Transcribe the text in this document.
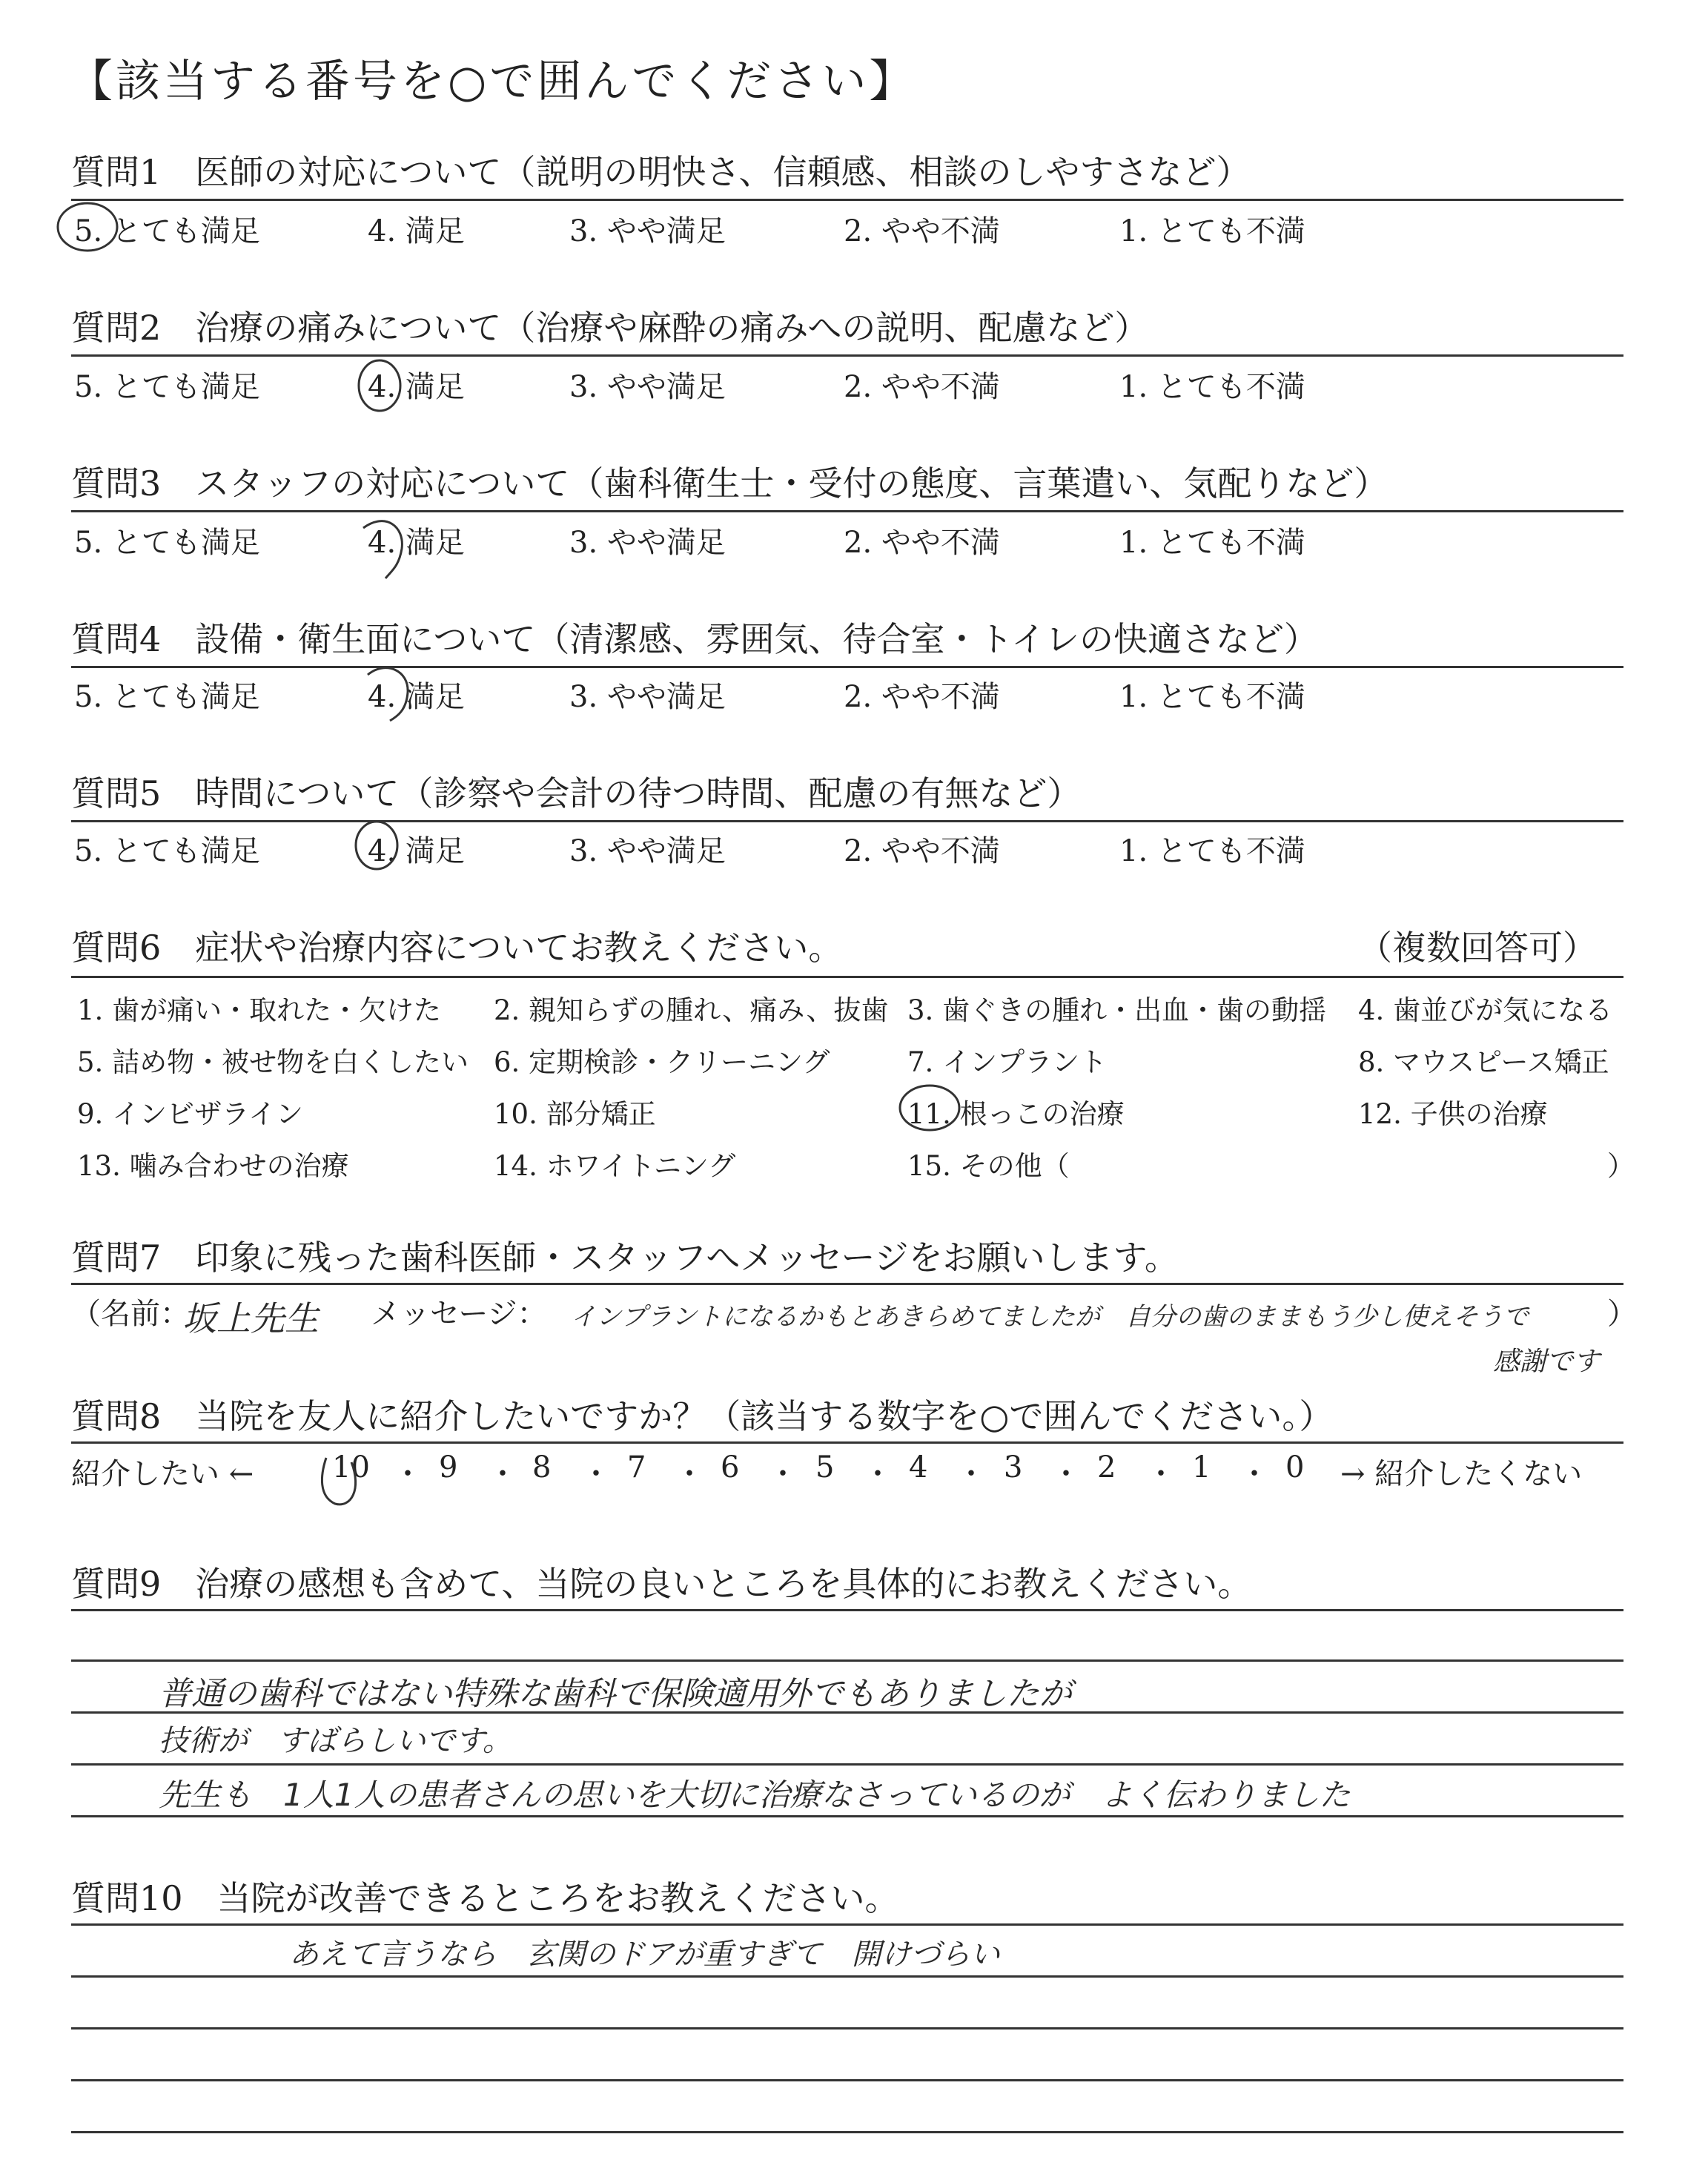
【該当する番号を○で囲んでください】
質問1　医師の対応について（説明の明快さ、信頼感、相談のしやすさなど）
5. とても満足	4. 満足	3. やや満足	2. やや不満	1. とても不満
質問2　治療の痛みについて（治療や麻酔の痛みへの説明、配慮など）
5. とても満足	4. 満足	3. やや満足	2. やや不満	1. とても不満
質問3　スタッフの対応について（歯科衛生士・受付の態度、言葉遣い、気配りなど）
5. とても満足	4. 満足	3. やや満足	2. やや不満	1. とても不満
質問4　設備・衛生面について（清潔感、雰囲気、待合室・トイレの快適さなど）
5. とても満足	4. 満足	3. やや満足	2. やや不満	1. とても不満
質問5　時間について（診察や会計の待つ時間、配慮の有無など）
5. とても満足	4. 満足	3. やや満足	2. やや不満	1. とても不満
質問6　症状や治療内容についてお教えください。	（複数回答可）
1. 歯が痛い・取れた・欠けた 2. 親知らずの腫れ、痛み、抜歯 3. 歯ぐきの腫れ・出血・歯の動揺 4. 歯並びが気になる
5. 詰め物・被せ物を白くしたい 6. 定期検診・クリーニング	7. インプラント	8. マウスピース矯正
9. インビザライン	10. 部分矯正	11. 根っこの治療	12. 子供の治療
13. 噛み合わせの治療	14. ホワイトニング	15. その他（	）
質問7　印象に残った歯科医師・スタッフへメッセージをお願いします。
（名前：
坂上先生 メッセージ： インプラントになるかもとあきらめてましたが　自分の歯のままもう少し使えそうで	）
感謝です
質問8　当院を友人に紹介したいですか？（該当する数字を○で囲んでください。）
紹介したい ←	10 ・ 9 ・ 8 ・ 7 ・ 6 ・ 5 ・ 4 ・ 3 ・ 2 ・ 1 ・ 0 → 紹介したくない
質問9　治療の感想も含めて、当院の良いところを具体的にお教えください。
普通の歯科ではない特殊な歯科で保険適用外でもありましたが
技術が　すばらしいです。
先生も　1人1人の患者さんの思いを大切に治療なさっているのが　よく伝わりました
質問10　当院が改善できるところをお教えください。
あえて言うなら　玄関のドアが重すぎて　開けづらい
